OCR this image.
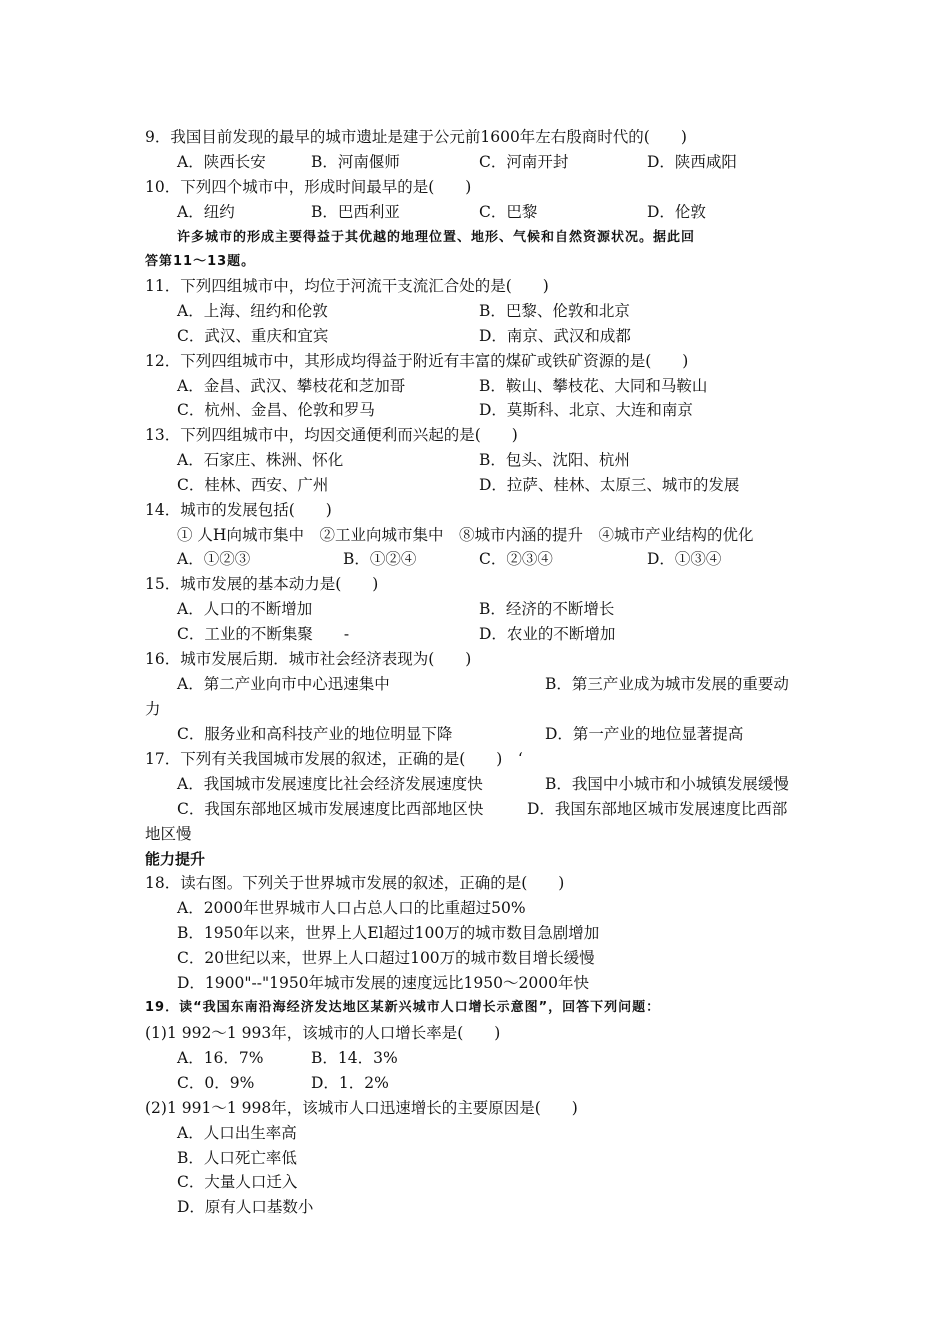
9．我国目前发现的最早的城市遗址是建于公元前1600年左右殷商时代的(　　)
A．陕西长安	B．河南偃师	C．河南开封	D．陕西咸阳
10．下列四个城市中，形成时间最早的是(　　)
A．纽约	B．巴西利亚	C．巴黎	D．伦敦
许多城市的形成主要得益于其优越的地理位置、地形、气候和自然资源状况。据此回
答第11～13题。
11．下列四组城市中，均位于河流干支流汇合处的是(　　)
A．上海、纽约和伦敦	B．巴黎、伦敦和北京
C．武汉、重庆和宜宾	D．南京、武汉和成都
12．下列四组城市中，其形成均得益于附近有丰富的煤矿或铁矿资源的是(　　)
A．金昌、武汉、攀枝花和芝加哥	B．鞍山、攀枝花、大同和马鞍山
C．杭州、金昌、伦敦和罗马	D．莫斯科、北京、大连和南京
13．下列四组城市中，均因交通便利而兴起的是(　　)
A．石家庄、株洲、怀化	B．包头、沈阳、杭州
C．桂林、西安、广州	D．拉萨、桂林、太原三、城市的发展
14．城市的发展包括(　　)
① 人H向城市集中　②工业向城市集中　⑧城市内涵的提升　④城市产业结构的优化
A．①②③	B．①②④	C．②③④	D．①③④
15．城市发展的基本动力是(　　)
A．人口的不断增加	B．经济的不断增长
C．工业的不断集聚　　-	D．农业的不断增加
16．城市发展后期．城市社会经济表现为(　　)
A．第二产业向市中心迅速集中	B．第三产业成为城市发展的重要动
力
C．服务业和高科技产业的地位明显下降	D．第一产业的地位显著提高
17．下列有关我国城市发展的叙述，正确的是(　　)　‘
A．我国城市发展速度比社会经济发展速度快	B．我国中小城市和小城镇发展缓慢
C．我国东部地区城市发展速度比西部地区快	D．我国东部地区城市发展速度比西部
地区慢
能力提升
18．读右图。下列关于世界城市发展的叙述，正确的是(　　)
A．2000年世界城市人口占总人口的比重超过50%
B．1950年以来，世界上人El超过100万的城市数目急剧增加
C．20世纪以来，世界上人口超过100万的城市数目增长缓慢
D．1900"--"1950年城市发展的速度远比1950～2000年快
19．读“我国东南沿海经济发达地区某新兴城市人口增长示意图”，回答下列问题：
(1)1 992～1 993年，该城市的人口增长率是(　　)
A．16．7%	B．14．3%
C．0．9%	D．1．2%
(2)1 991～1 998年，该城市人口迅速增长的主要原因是(　　)
A．人口出生率高
B．人口死亡率低
C．大量人口迁入
D．原有人口基数小
